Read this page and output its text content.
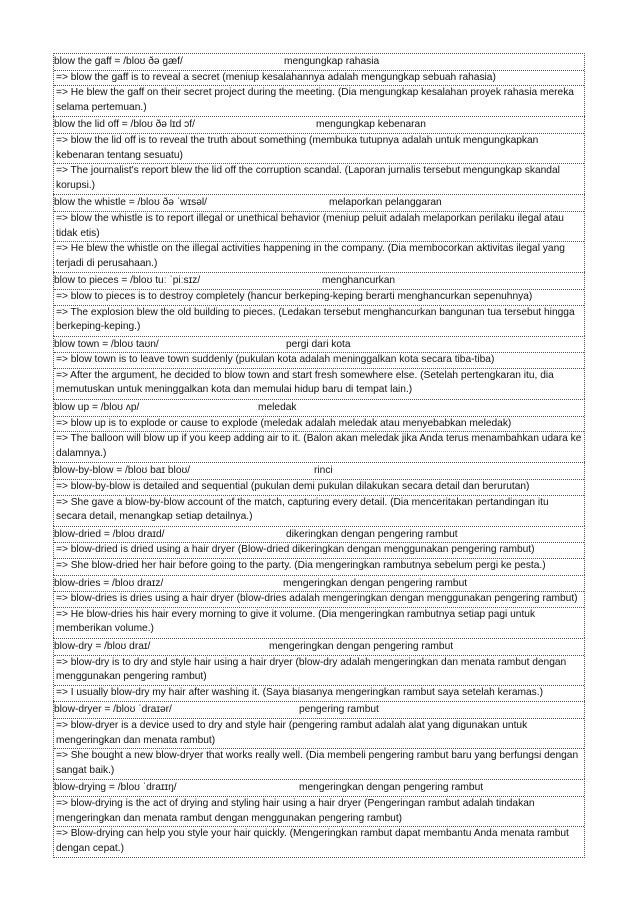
blow the gaff = /bloʊ ðə gæf/	mengungkap rahasia
=> blow the gaff is to reveal a secret (meniup kesalahannya adalah mengungkap sebuah rahasia)
=> He blew the gaff on their secret project during the meeting. (Dia mengungkap kesalahan proyek rahasia mereka selama pertemuan.)
blow the lid off = /bloʊ ðə lɪd ɔf/	mengungkap kebenaran
=> blow the lid off is to reveal the truth about something (membuka tutupnya adalah untuk mengungkapkan kebenaran tentang sesuatu)
=> The journalist's report blew the lid off the corruption scandal. (Laporan jurnalis tersebut mengungkap skandal korupsi.)
blow the whistle = /bloʊ ðə ˈwɪsəl/	melaporkan pelanggaran
=> blow the whistle is to report illegal or unethical behavior (meniup peluit adalah melaporkan perilaku ilegal atau tidak etis)
=> He blew the whistle on the illegal activities happening in the company. (Dia membocorkan aktivitas ilegal yang terjadi di perusahaan.)
blow to pieces = /bloʊ tuː ˈpiːsɪz/	menghancurkan
=> blow to pieces is to destroy completely (hancur berkeping-keping berarti menghancurkan sepenuhnya)
=> The explosion blew the old building to pieces. (Ledakan tersebut menghancurkan bangunan tua tersebut hingga berkeping-keping.)
blow town = /bloʊ taʊn/	pergi dari kota
=> blow town is to leave town suddenly (pukulan kota adalah meninggalkan kota secara tiba-tiba)
=> After the argument, he decided to blow town and start fresh somewhere else. (Setelah pertengkaran itu, dia memutuskan untuk meninggalkan kota dan memulai hidup baru di tempat lain.)
blow up = /bloʊ ʌp/	meledak
=> blow up is to explode or cause to explode (meledak adalah meledak atau menyebabkan meledak)
=> The balloon will blow up if you keep adding air to it. (Balon akan meledak jika Anda terus menambahkan udara ke dalamnya.)
blow-by-blow = /bloʊ baɪ bloʊ/	rinci
=> blow-by-blow is detailed and sequential (pukulan demi pukulan dilakukan secara detail dan berurutan)
=> She gave a blow-by-blow account of the match, capturing every detail. (Dia menceritakan pertandingan itu secara detail, menangkap setiap detailnya.)
blow-dried = /bloʊ draɪd/	dikeringkan dengan pengering rambut
=> blow-dried is dried using a hair dryer (Blow-dried dikeringkan dengan menggunakan pengering rambut)
=> She blow-dried her hair before going to the party. (Dia mengeringkan rambutnya sebelum pergi ke pesta.)
blow-dries = /bloʊ draɪz/	mengeringkan dengan pengering rambut
=> blow-dries is dries using a hair dryer (blow-dries adalah mengeringkan dengan menggunakan pengering rambut)
=> He blow-dries his hair every morning to give it volume. (Dia mengeringkan rambutnya setiap pagi untuk memberikan volume.)
blow-dry = /bloʊ draɪ/	mengeringkan dengan pengering rambut
=> blow-dry is to dry and style hair using a hair dryer (blow-dry adalah mengeringkan dan menata rambut dengan menggunakan pengering rambut)
=> I usually blow-dry my hair after washing it. (Saya biasanya mengeringkan rambut saya setelah keramas.)
blow-dryer = /bloʊ ˈdraɪər/	pengering rambut
=> blow-dryer is a device used to dry and style hair (pengering rambut adalah alat yang digunakan untuk mengeringkan dan menata rambut)
=> She bought a new blow-dryer that works really well. (Dia membeli pengering rambut baru yang berfungsi dengan sangat baik.)
blow-drying = /bloʊ ˈdraɪɪŋ/	mengeringkan dengan pengering rambut
=> blow-drying is the act of drying and styling hair using a hair dryer (Pengeringan rambut adalah tindakan mengeringkan dan menata rambut dengan menggunakan pengering rambut)
=> Blow-drying can help you style your hair quickly. (Mengeringkan rambut dapat membantu Anda menata rambut dengan cepat.)
